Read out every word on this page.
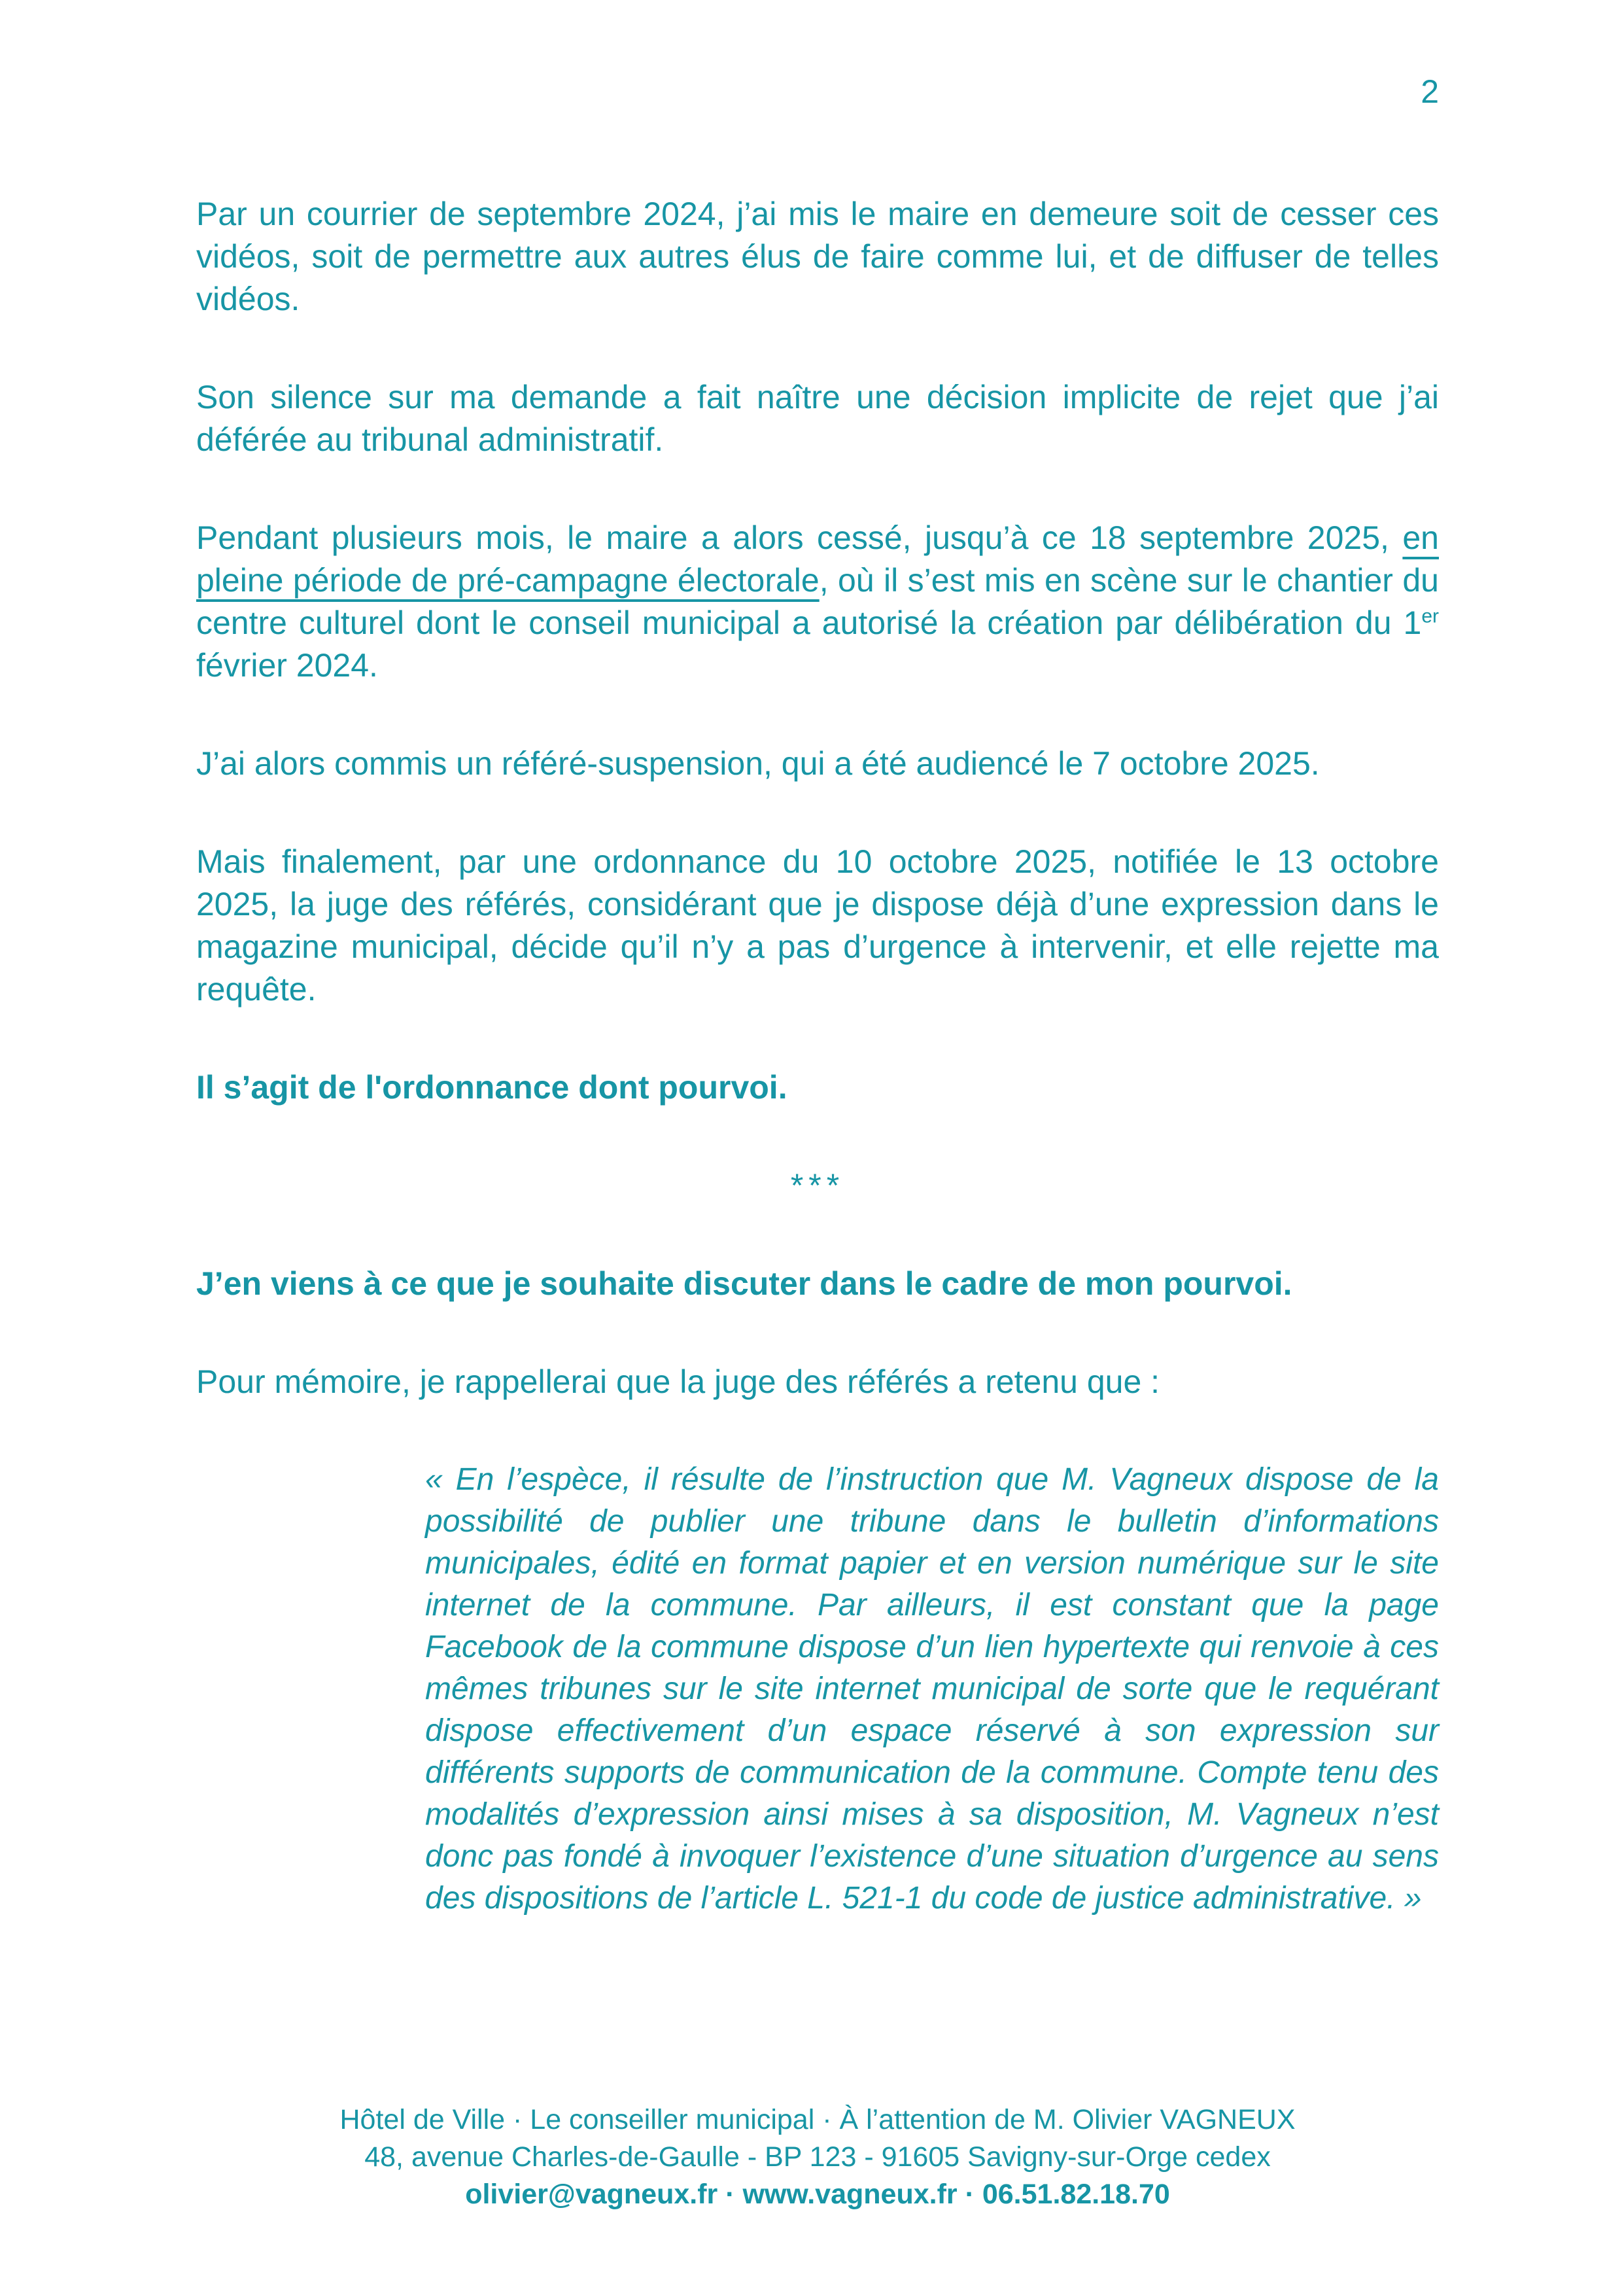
2

Par un courrier de septembre 2024, j’ai mis le maire en demeure soit de cesser ces vidéos, soit de permettre aux autres élus de faire comme lui, et de diffuser de telles vidéos.

Son silence sur ma demande a fait naître une décision implicite de rejet que j’ai déférée au tribunal administratif.

Pendant plusieurs mois, le maire a alors cessé, jusqu’à ce 18 septembre 2025, en pleine période de pré-campagne électorale, où il s’est mis en scène sur le chantier du centre culturel dont le conseil municipal a autorisé la création par délibération du 1er février 2024.

J’ai alors commis un référé-suspension, qui a été audiencé le 7 octobre 2025.

Mais finalement, par une ordonnance du 10 octobre 2025, notifiée le 13 octobre 2025, la juge des référés, considérant que je dispose déjà d’une expression dans le magazine municipal, décide qu’il n’y a pas d’urgence à intervenir, et elle rejette ma requête.

Il s’agit de l'ordonnance dont pourvoi.

***

J’en viens à ce que je souhaite discuter dans le cadre de mon pourvoi.

Pour mémoire, je rappellerai que la juge des référés a retenu que :

« En l’espèce, il résulte de l’instruction que M. Vagneux dispose de la possibilité de publier une tribune dans le bulletin d’informations municipales, édité en format papier et en version numérique sur le site internet de la commune. Par ailleurs, il est constant que la page Facebook de la commune dispose d’un lien hypertexte qui renvoie à ces mêmes tribunes sur le site internet municipal de sorte que le requérant dispose effectivement d’un espace réservé à son expression sur différents supports de communication de la commune. Compte tenu des modalités d’expression ainsi mises à sa disposition, M. Vagneux n’est donc pas fondé à invoquer l’existence d’une situation d’urgence au sens des dispositions de l’article L. 521-1 du code de justice administrative. »
Hôtel de Ville · Le conseiller municipal · À l’attention de M. Olivier VAGNEUX
48, avenue Charles-de-Gaulle - BP 123 - 91605 Savigny-sur-Orge cedex
olivier@vagneux.fr · www.vagneux.fr · 06.51.82.18.70
